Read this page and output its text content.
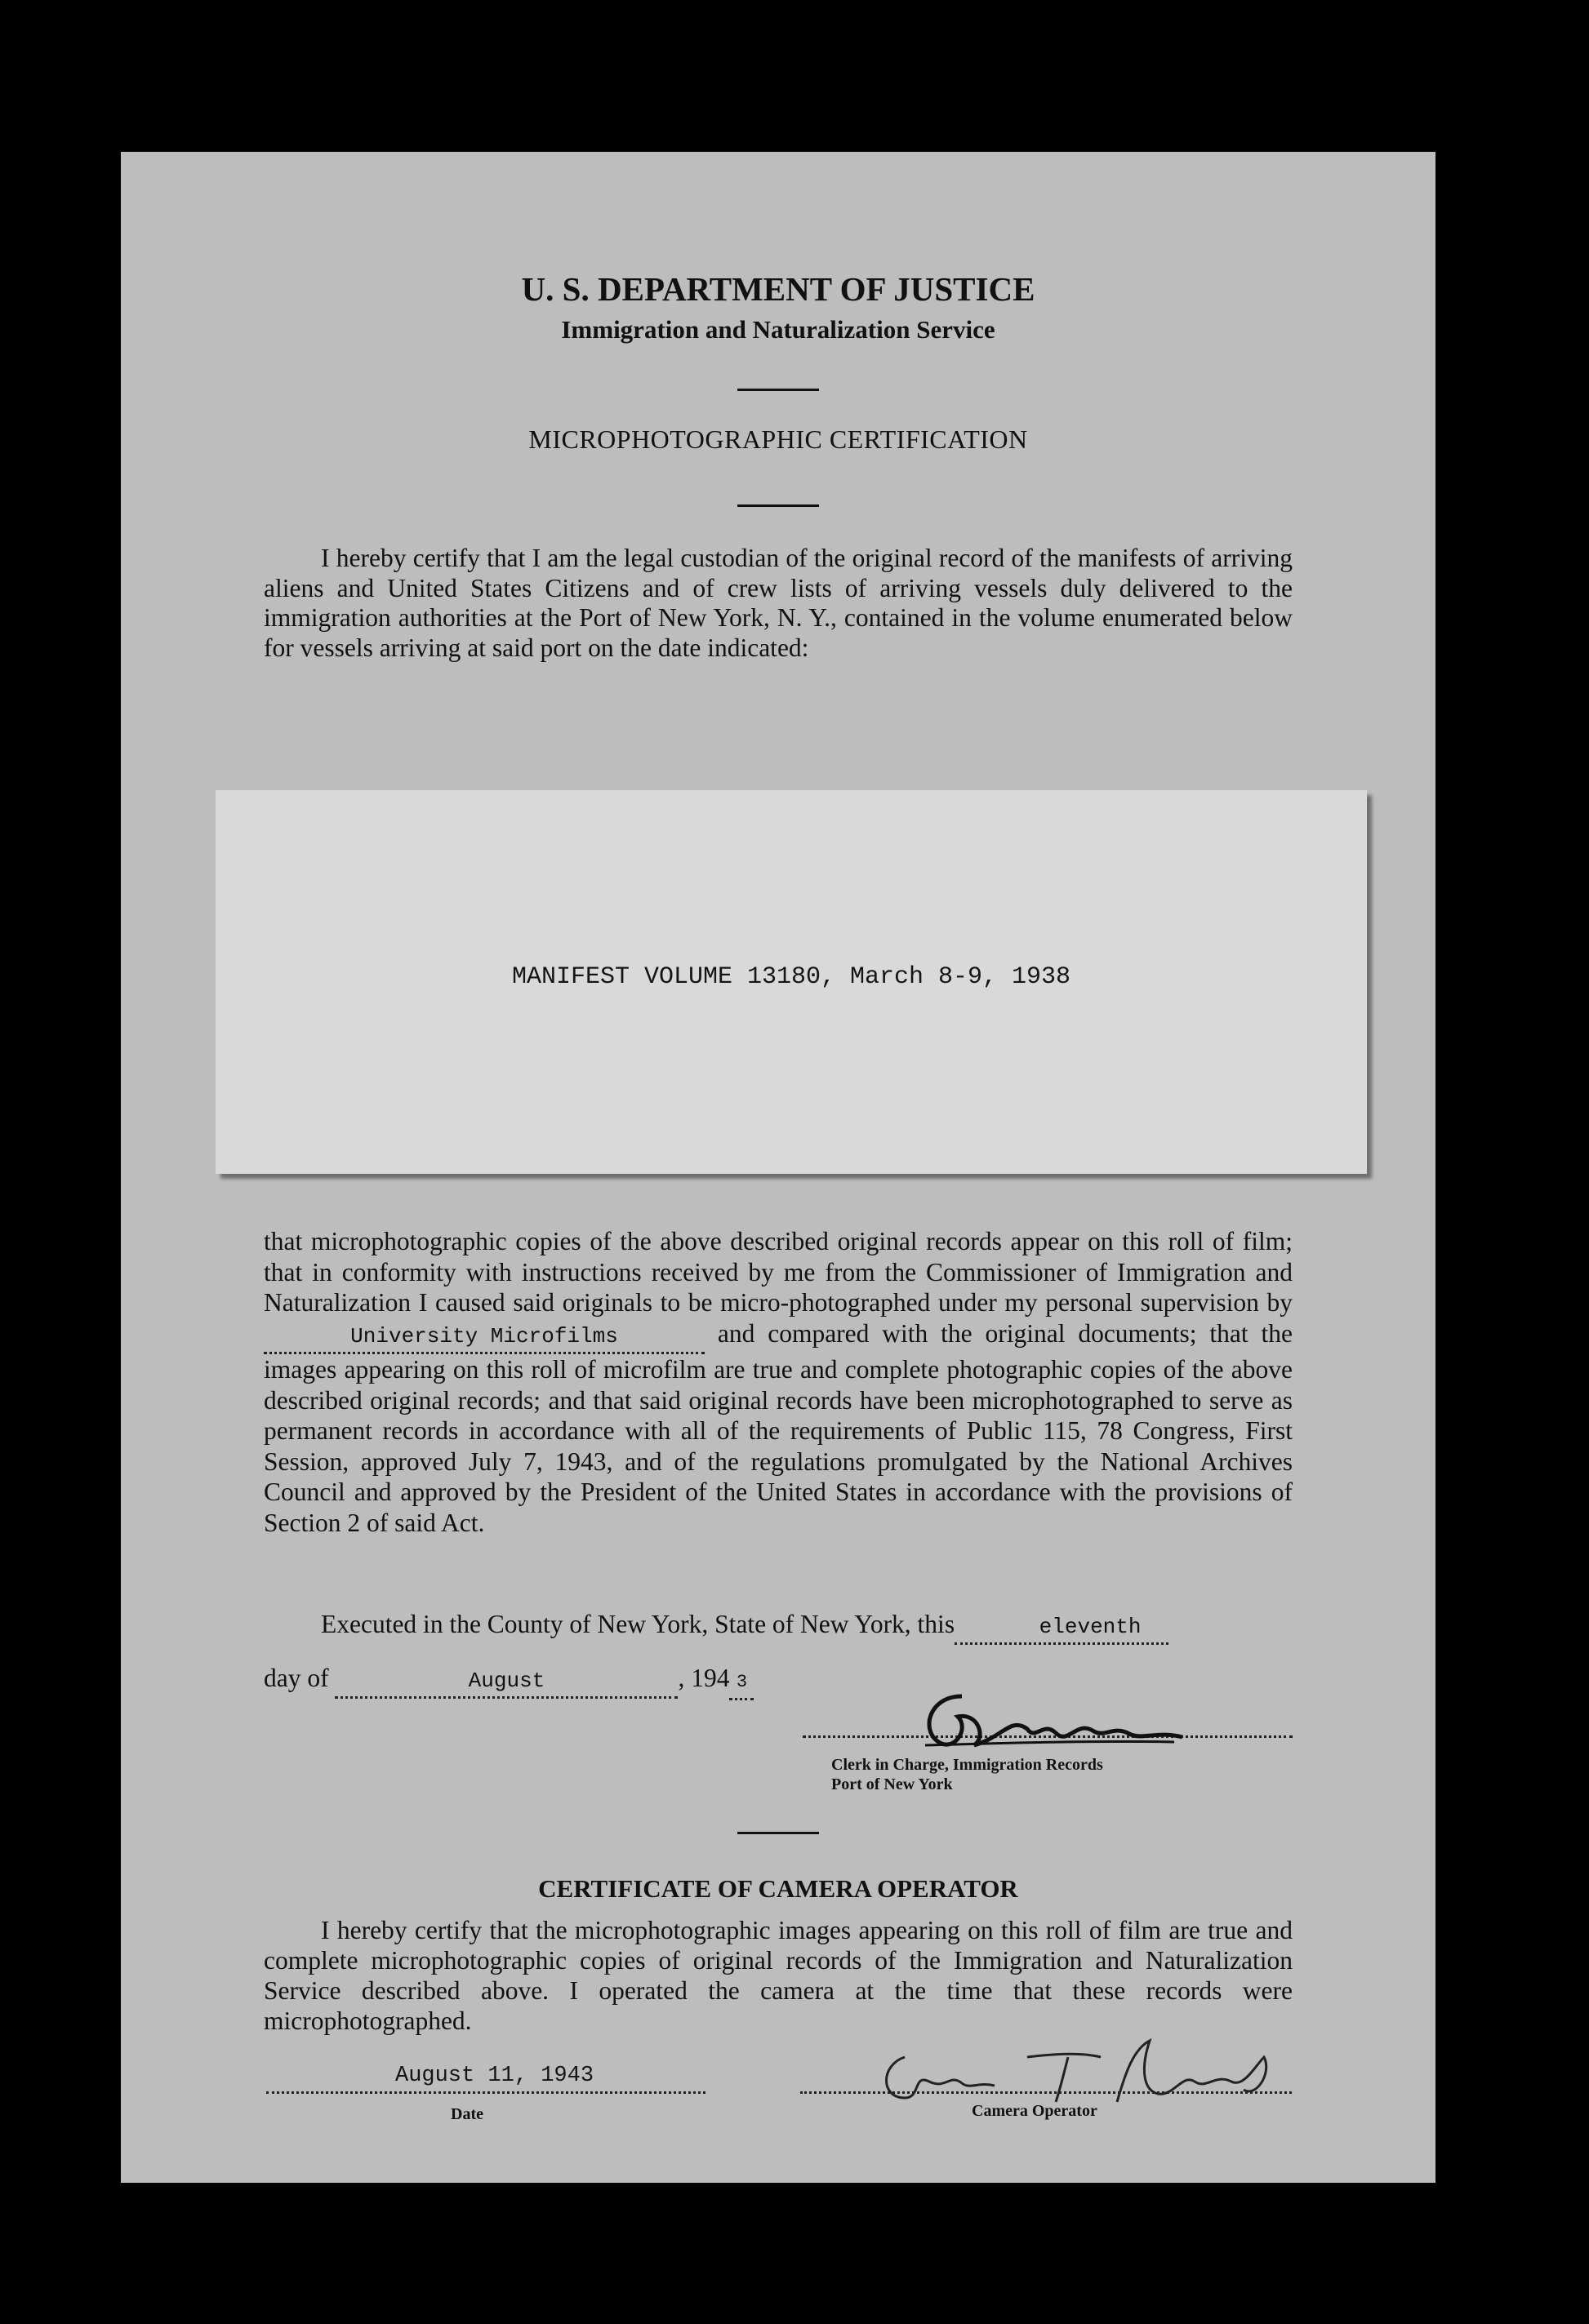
U. S. DEPARTMENT OF JUSTICE
Immigration and Naturalization Service
MICROPHOTOGRAPHIC CERTIFICATION
I hereby certify that I am the legal custodian of the original record of the manifests of arriving aliens and United States Citizens and of crew lists of arriving vessels duly delivered to the immigration authorities at the Port of New York, N. Y., contained in the volume enumerated below for vessels arriving at said port on the date indicated:
MANIFEST VOLUME 13180, March 8-9, 1938
that microphotographic copies of the above described original records appear on this roll of film; that in conformity with instructions received by me from the Commissioner of Immigration and Naturalization I caused said originals to be micro-photographed under my personal supervision by University Microfilms	and compared with the original documents; that the images appearing on this roll of microfilm are true and complete photographic copies of the above described original records; and that said original records have been microphotographed to serve as permanent records in accordance with all of the requirements of Public 115, 78 Congress, First Session, approved July 7, 1943, and of the regulations promulgated by the National Archives Council and approved by the President of the United States in accordance with the provisions of Section 2 of said Act.
Executed in the County of New York, State of New York, this	eleventh
day of	August	, 194 3
Clerk in Charge, Immigration Records
Port of New York
CERTIFICATE OF CAMERA OPERATOR
I hereby certify that the microphotographic images appearing on this roll of film are true and complete microphotographic copies of original records of the Immigration and Naturalization Service described above. I operated the camera at the time that these records were microphotographed.
August 11, 1943
Date	Camera Operator
